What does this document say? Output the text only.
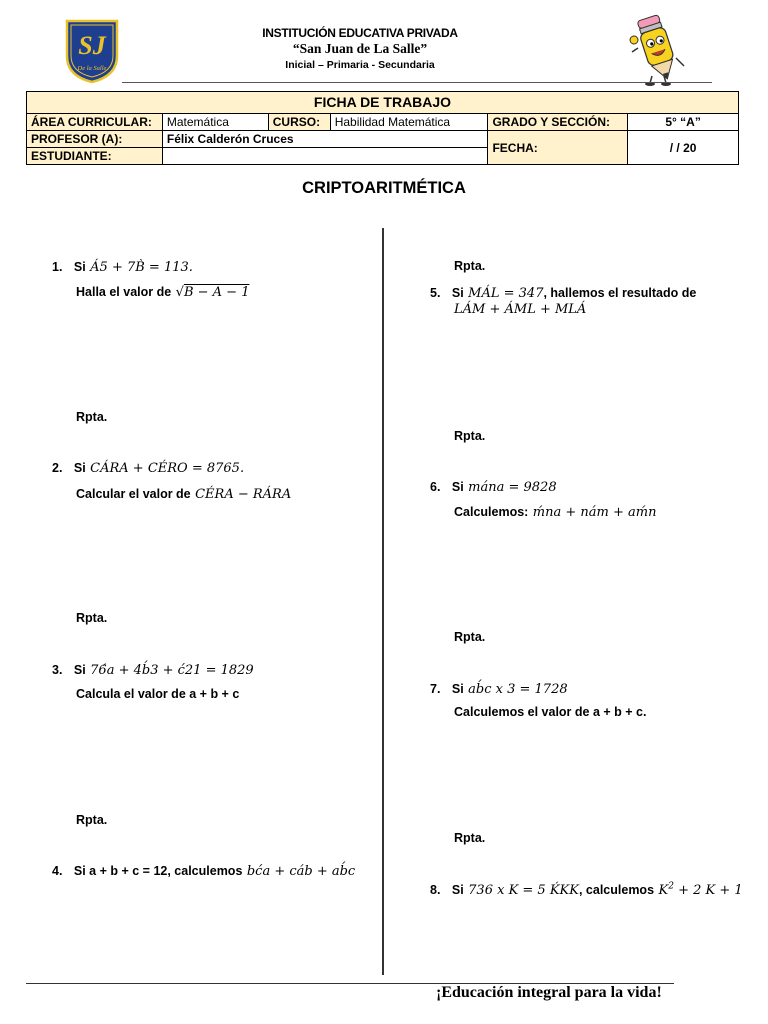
SJ
De la Salle
INSTITUCIÓN EDUCATIVA PRIVADA
“San Juan de La Salle”
Inicial – Primaria - Secundaria
FICHA DE TRABAJO					
ÁREA CURRICULAR:	Matemática	CURSO:	Habilidad Matemática	GRADO Y SECCIÓN:	5° “A”
PROFESOR (A):	Félix Calderón Cruces			FECHA:	/ / 20
ESTUDIANTE:					
CRIPTOARITMÉTICA
1. Si Á5 + 7B̀ = 113.
Halla el valor de √B − A − 1
Rpta.
2. Si CÁRA + CÉRO = 8765.
Calcular el valor de CÉRA − RÁRA
Rpta.
3. Si 76́a + 4b́3 + ć21 = 1829
Calcula el valor de a + b + c
Rpta.
4. Si a + b + c = 12, calculemos bća + cáb + ab́c
Rpta.
5. Si MÁL = 347, hallemos el resultado de
LÁM + ÁML + MLÁ
Rpta.
6. Si mána = 9828
Calculemos: ḿna + nám + aḿn
Rpta.
7. Si ab́c x 3 = 1728
Calculemos el valor de a + b + c.
Rpta.
8. Si 736 x K = 5 ḰKK, calculemos $K^2 + 2$ K + 1
¡Educación integral para la vida!
